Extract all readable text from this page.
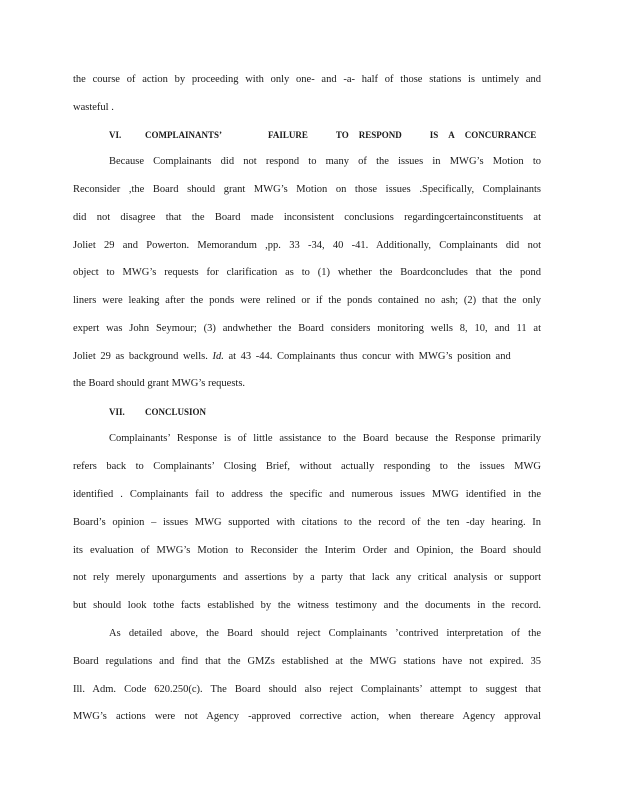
the course of action by proceeding with only one- and -a- half of those stations is untimely and
wasteful .
VI.	COMPLAINANTS’	FAILURE	TO RESPOND	IS A CONCURRANCE
Because Complainants did not respond to many of the issues in MWG’s Motion to
Reconsider ,the Board should grant MWG’s Motion on those issues .Specifically, Complainants
did not disagree that the Board made inconsistent conclusions regardingcertainconstituents at
Joliet 29 and Powerton. Memorandum ,pp. 33 -34, 40 -41. Additionally, Complainants did not
object to MWG’s requests for clarification as to (1) whether the Boardconcludes that the pond
liners were leaking after the ponds were relined or if the ponds contained no ash; (2) that the only
expert was John Seymour; (3) andwhether the Board considers monitoring wells 8, 10, and 11 at
Joliet 29 as background wells. Id. at 43 -44. Complainants thus concur with MWG’s position and
the Board should grant MWG’s requests.
VII. CONCLUSION
Complainants’ Response is of little assistance to the Board because the Response primarily
refers back to Complainants’ Closing Brief, without actually responding to the issues MWG
identified . Complainants fail to address the specific and numerous issues MWG identified in the
Board’s opinion – issues MWG supported with citations to the record of the ten -day hearing. In
its evaluation of MWG’s Motion to Reconsider the Interim Order and Opinion, the Board should
not rely merely uponarguments and assertions by a party that lack any critical analysis or support
but should look tothe facts established by the witness testimony and the documents in the record.
As detailed above, the Board should reject Complainants ’contrived interpretation of the
Board regulations and find that the GMZs established at the MWG stations have not expired. 35
Ill. Adm. Code 620.250(c). The Board should also reject Complainants’ attempt to suggest that
MWG’s actions were not Agency -approved corrective action, when thereare Agency approval
